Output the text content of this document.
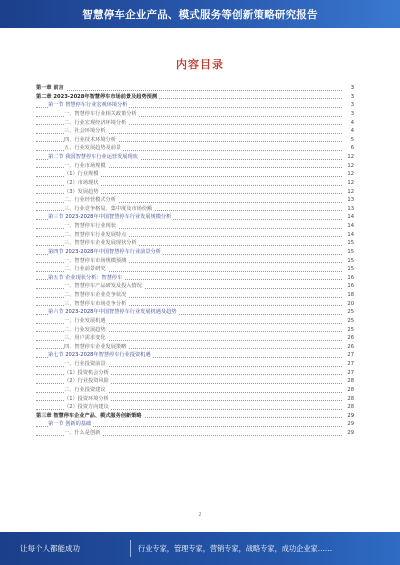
智慧停车企业产品、模式服务等创新策略研究报告
内容目录
第一章 前言	3
第二章 2023-2028年智慧停车市场前景及趋势预测	3
第一节 智慧停车行业宏观环境分析	3
一、智慧停车行业相关政策分析	3
二、行业宏观经济环境分析	4
三、社会环境分析	4
四、行业技术环境分析	5
五、行业发展趋势及前景	6
第二节 我国智慧停车行业运营发展现状	12
一、行业市场规模	12
（1）行业规模	12
（2）市场现状	12
（3）发展趋势	12
二、行业经营模式分析	13
三、行业竞争格局、集中度及市场份额	13
第三节 2023-2028年中国智慧停车行业发展规模分析	14
一、智慧停车行业现状	14
二、智慧停车行业发展特点	14
三、智慧停车企业发展现状分析	15
第四节 2023-2028年中国智慧停车行业前景分析	15
一、智慧停车市场规模预测	15
二、行业前景研究	15
第五节 企业现状分析：智慧停车	16
一、智慧停车产品研发及投入情况	16
二、智慧停车企业竞争状况	18
三、智慧停车市场竞争分析	20
第六节 2023-2028年中国智慧停车行业发展机遇及趋势	25
一、行业发展机遇	25
二、行业发展趋势	25
三、用户需求变化	26
四、智慧停车企业发展策略	26
第七节 2023-2028年智慧停车行业投资机遇	27
一、行业投资前景	27
（1）投资机会分析	27
（2）行业投资风险	28
二、行业投资建议	28
（1）投资环境分析	28
（2）投资方向建议	28
第三章 智慧停车企业产品、模式服务创新策略	29
第一节 创新的基础	29
一、什么是创新	29
2
让每个人都能成功	行业专家，管理专家，营销专家，战略专家，成功企业家……
